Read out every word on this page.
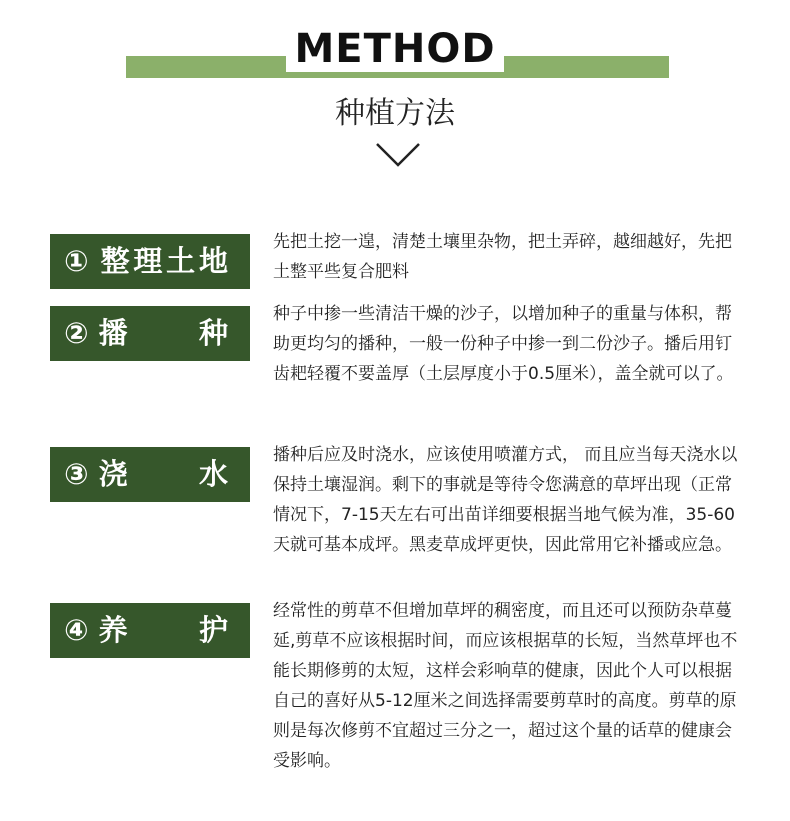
METHOD
种植方法
① 整 理 土 地
先把土挖一遑，清楚土壤里杂物，把土弄碎，越细越好，先把土整平些复合肥料
② 播 种
种子中掺一些清洁干燥的沙子，以增加种子的重量与体积，帮助更均匀的播种，一般一份种子中掺一到二份沙子。播后用钉齿耙轻覆不要盖厚（土层厚度小于0.5厘米），盖全就可以了。
③ 浇 水
播种后应及时浇水，应该使用喷灌方式， 而且应当每天浇水以保持土壤湿润。剩下的事就是等待令您满意的草坪出现（正常情况下，7-15天左右可出苗详细要根据当地气候为准，35-60天就可基本成坪。黑麦草成坪更快，因此常用它补播或应急。
④ 养 护
经常性的剪草不但增加草坪的稠密度，而且还可以预防杂草蔓延,剪草不应该根据时间，而应该根据草的长短，当然草坪也不能长期修剪的太短，这样会彩响草的健康，因此个人可以根据自己的喜好从5-12厘米之间选择需要剪草时的高度。剪草的原则是每次修剪不宜超过三分之一，超过这个量的话草的健康会受影响。
